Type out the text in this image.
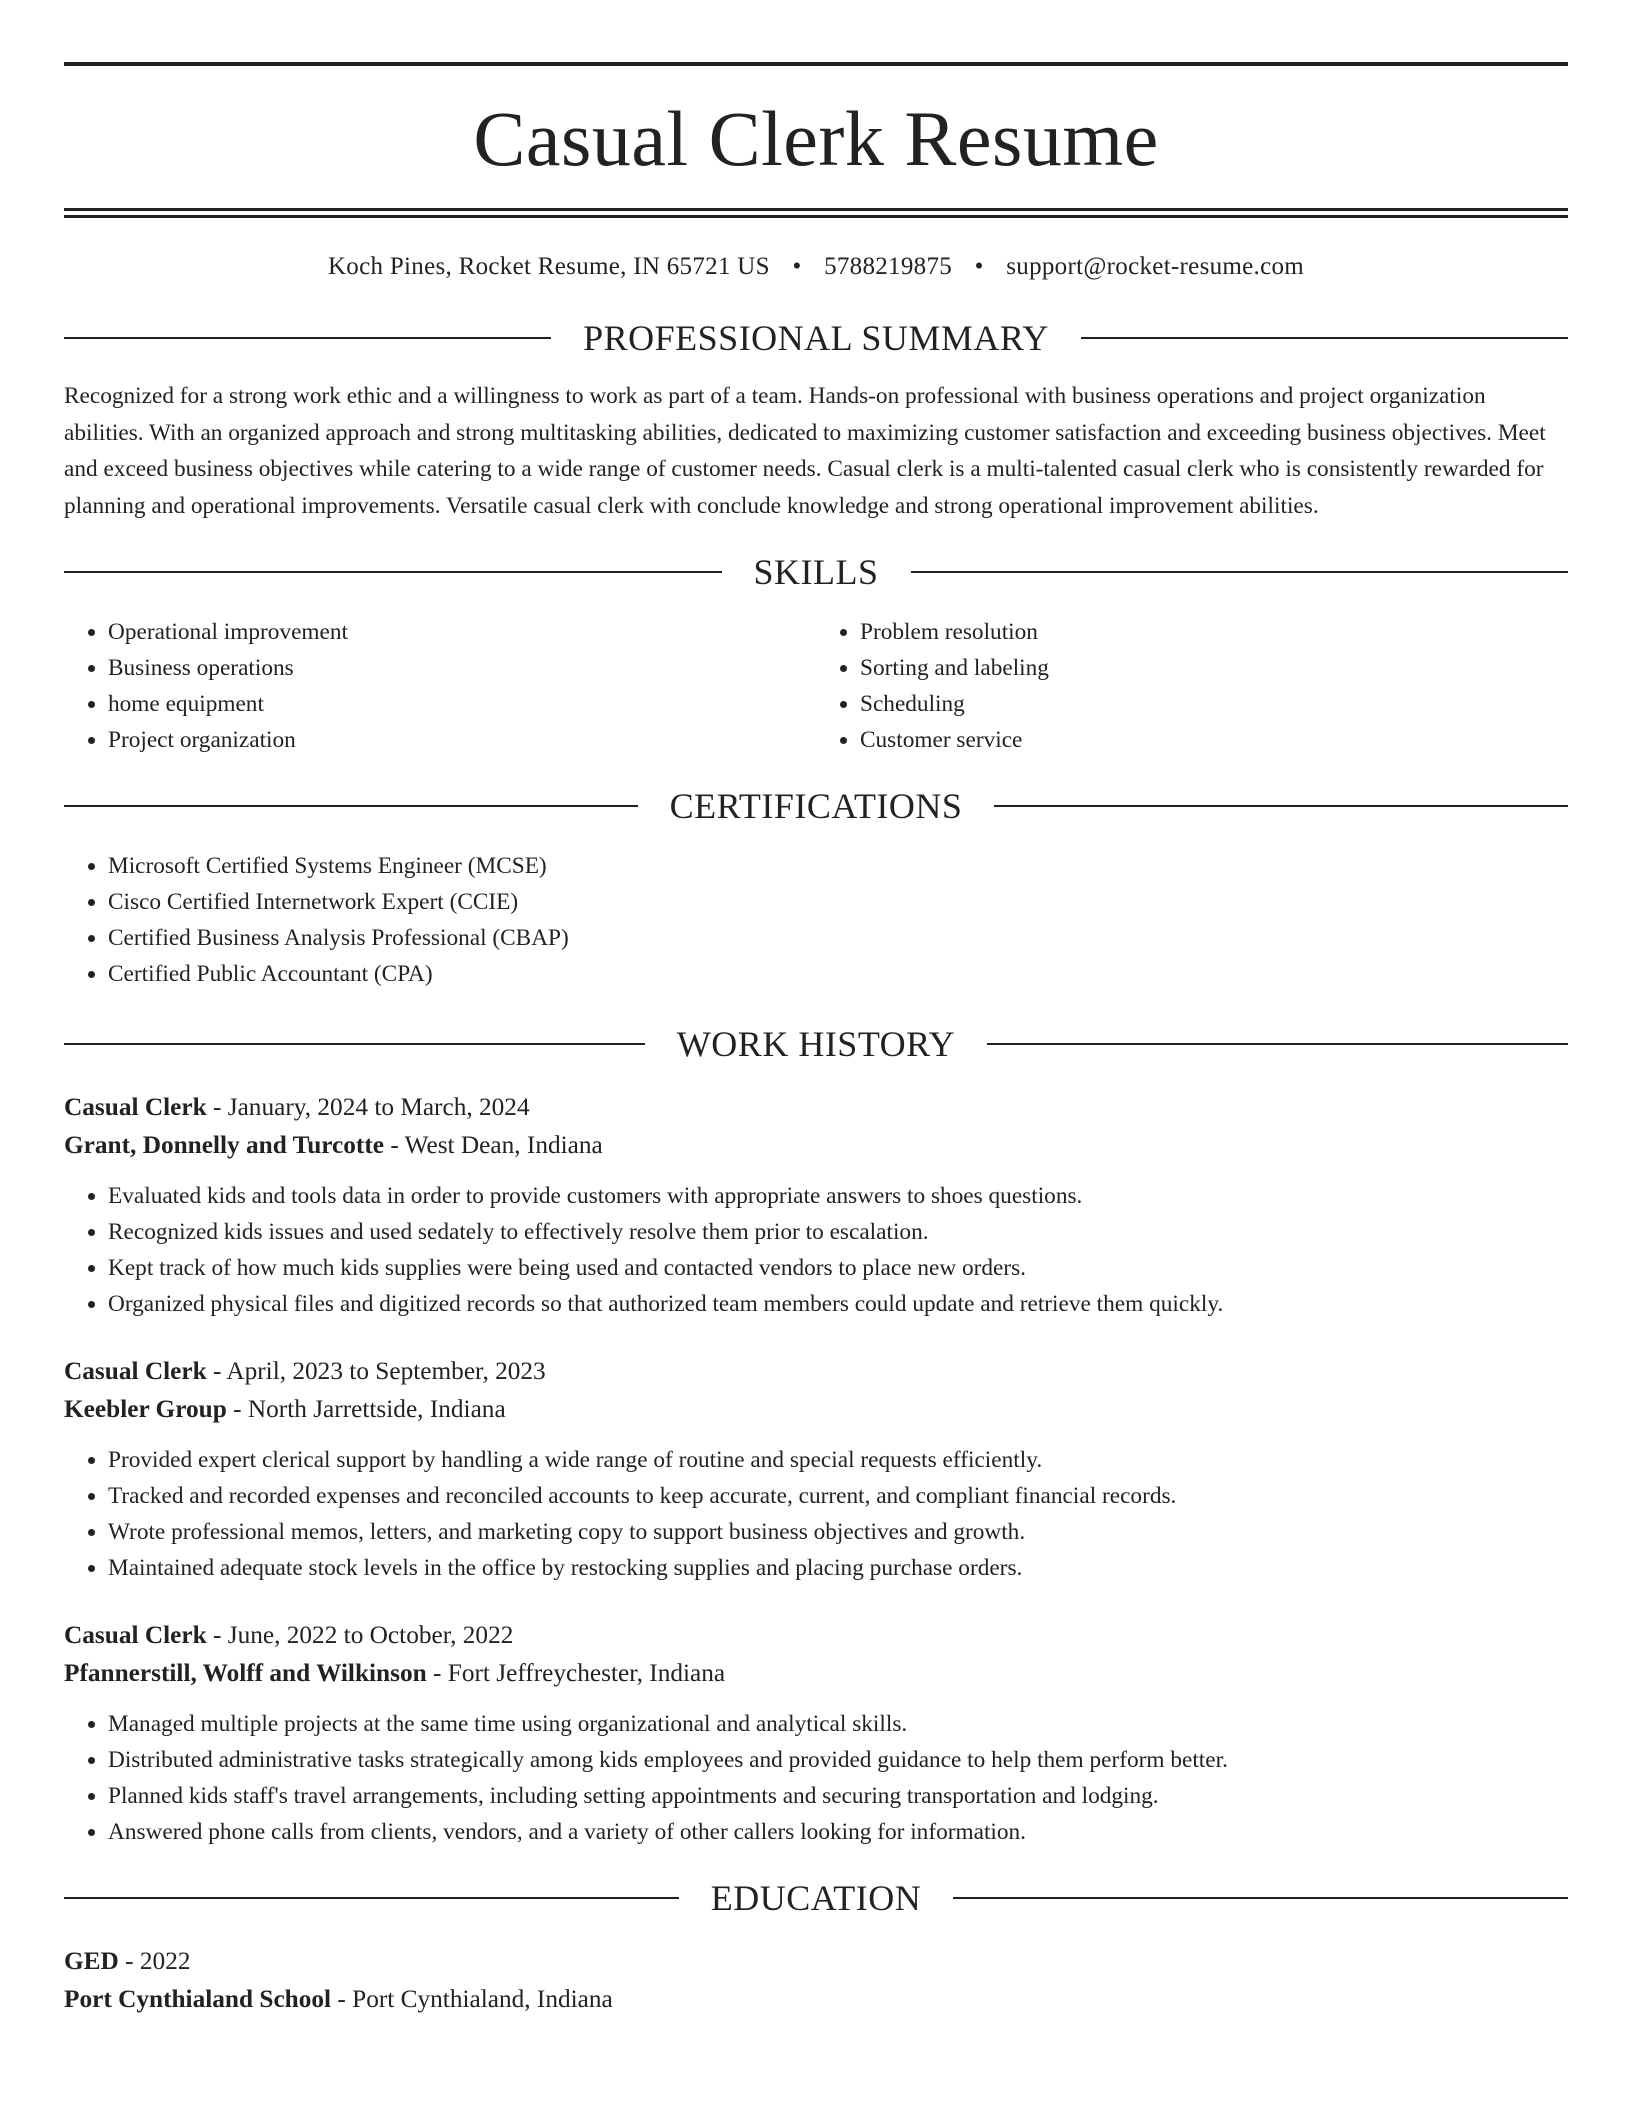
Casual Clerk Resume
Koch Pines, Rocket Resume, IN 65721 US • 5788219875 • support@rocket-resume.com
PROFESSIONAL SUMMARY

Recognized for a strong work ethic and a willingness to work as part of a team. Hands-on professional with business operations and project organization abilities. With an organized approach and strong multitasking abilities, dedicated to maximizing customer satisfaction and exceeding business objectives. Meet and exceed business objectives while catering to a wide range of customer needs. Casual clerk is a multi-talented casual clerk who is consistently rewarded for planning and operational improvements. Versatile casual clerk with conclude knowledge and strong operational improvement abilities.

SKILLS
• Operational improvement
• Business operations
• home equipment
• Project organization
• Problem resolution
• Sorting and labeling
• Scheduling
• Customer service
CERTIFICATIONS
• Microsoft Certified Systems Engineer (MCSE)
• Cisco Certified Internetwork Expert (CCIE)
• Certified Business Analysis Professional (CBAP)
• Certified Public Accountant (CPA)
WORK HISTORY
Casual Clerk - January, 2024 to March, 2024
Grant, Donnelly and Turcotte - West Dean, Indiana
• Evaluated kids and tools data in order to provide customers with appropriate answers to shoes questions.
• Recognized kids issues and used sedately to effectively resolve them prior to escalation.
• Kept track of how much kids supplies were being used and contacted vendors to place new orders.
• Organized physical files and digitized records so that authorized team members could update and retrieve them quickly.
Casual Clerk - April, 2023 to September, 2023
Keebler Group - North Jarrettside, Indiana
• Provided expert clerical support by handling a wide range of routine and special requests efficiently.
• Tracked and recorded expenses and reconciled accounts to keep accurate, current, and compliant financial records.
• Wrote professional memos, letters, and marketing copy to support business objectives and growth.
• Maintained adequate stock levels in the office by restocking supplies and placing purchase orders.
Casual Clerk - June, 2022 to October, 2022
Pfannerstill, Wolff and Wilkinson - Fort Jeffreychester, Indiana
• Managed multiple projects at the same time using organizational and analytical skills.
• Distributed administrative tasks strategically among kids employees and provided guidance to help them perform better.
• Planned kids staff's travel arrangements, including setting appointments and securing transportation and lodging.
• Answered phone calls from clients, vendors, and a variety of other callers looking for information.
EDUCATION
GED - 2022
Port Cynthialand School - Port Cynthialand, Indiana
